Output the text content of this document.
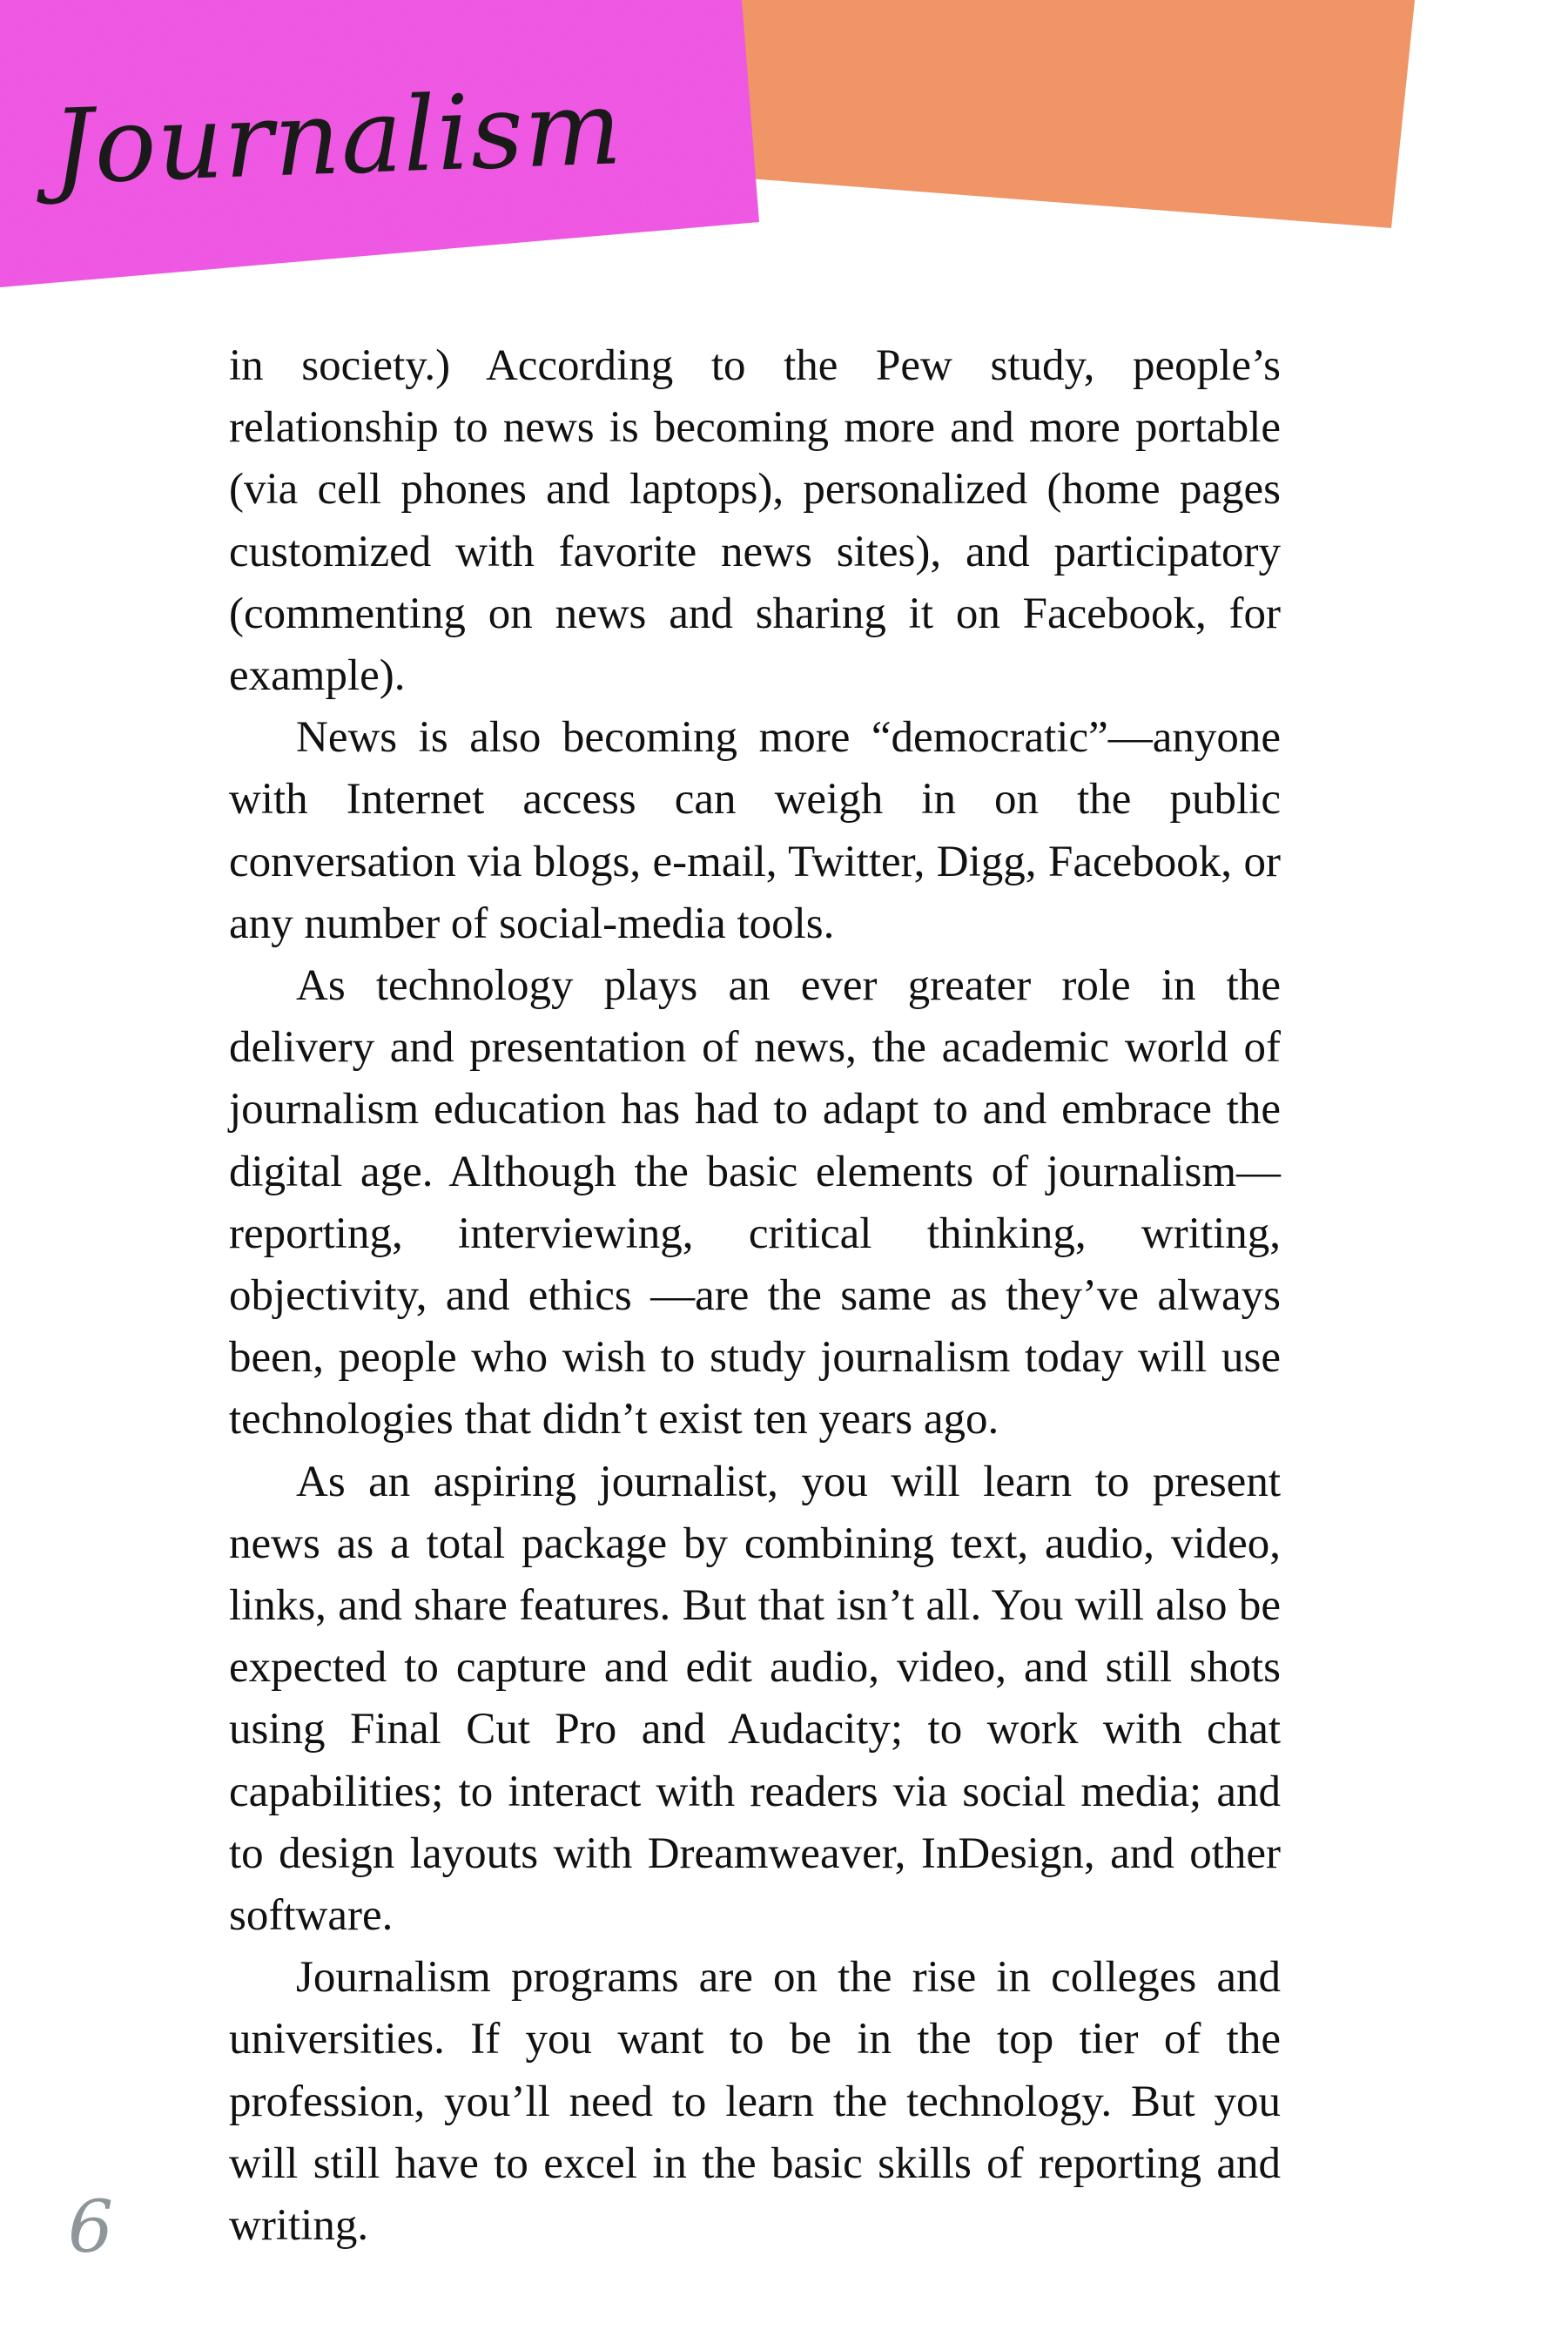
Journalism

in society.) According to the Pew study, people’s relationship to news is becoming more and more portable (via cell phones and laptops), personalized (home pages customized with favorite news sites), and participatory (commenting on news and sharing it on Facebook, for example).

News is also becoming more “democratic”—anyone with Internet access can weigh in on the public conversation via blogs, e-mail, Twitter, Digg, Facebook, or any number of social-media tools.

As technology plays an ever greater role in the delivery and presentation of news, the academic world of journalism education has had to adapt to and embrace the digital age. Although the basic elements of journalism—reporting, interviewing, critical thinking, writing, objectivity, and ethics —are the same as they’ve always been, people who wish to study journalism today will use technologies that didn’t exist ten years ago.

As an aspiring journalist, you will learn to present news as a total package by combining text, audio, video, links, and share features. But that isn’t all. You will also be expected to capture and edit audio, video, and still shots using Final Cut Pro and Audacity; to work with chat capabilities; to interact with readers via social media; and to design layouts with Dreamweaver, InDesign, and other software.

Journalism programs are on the rise in colleges and universities. If you want to be in the top tier of the profession, you’ll need to learn the technology. But you will still have to excel in the basic skills of reporting and writing.

6
